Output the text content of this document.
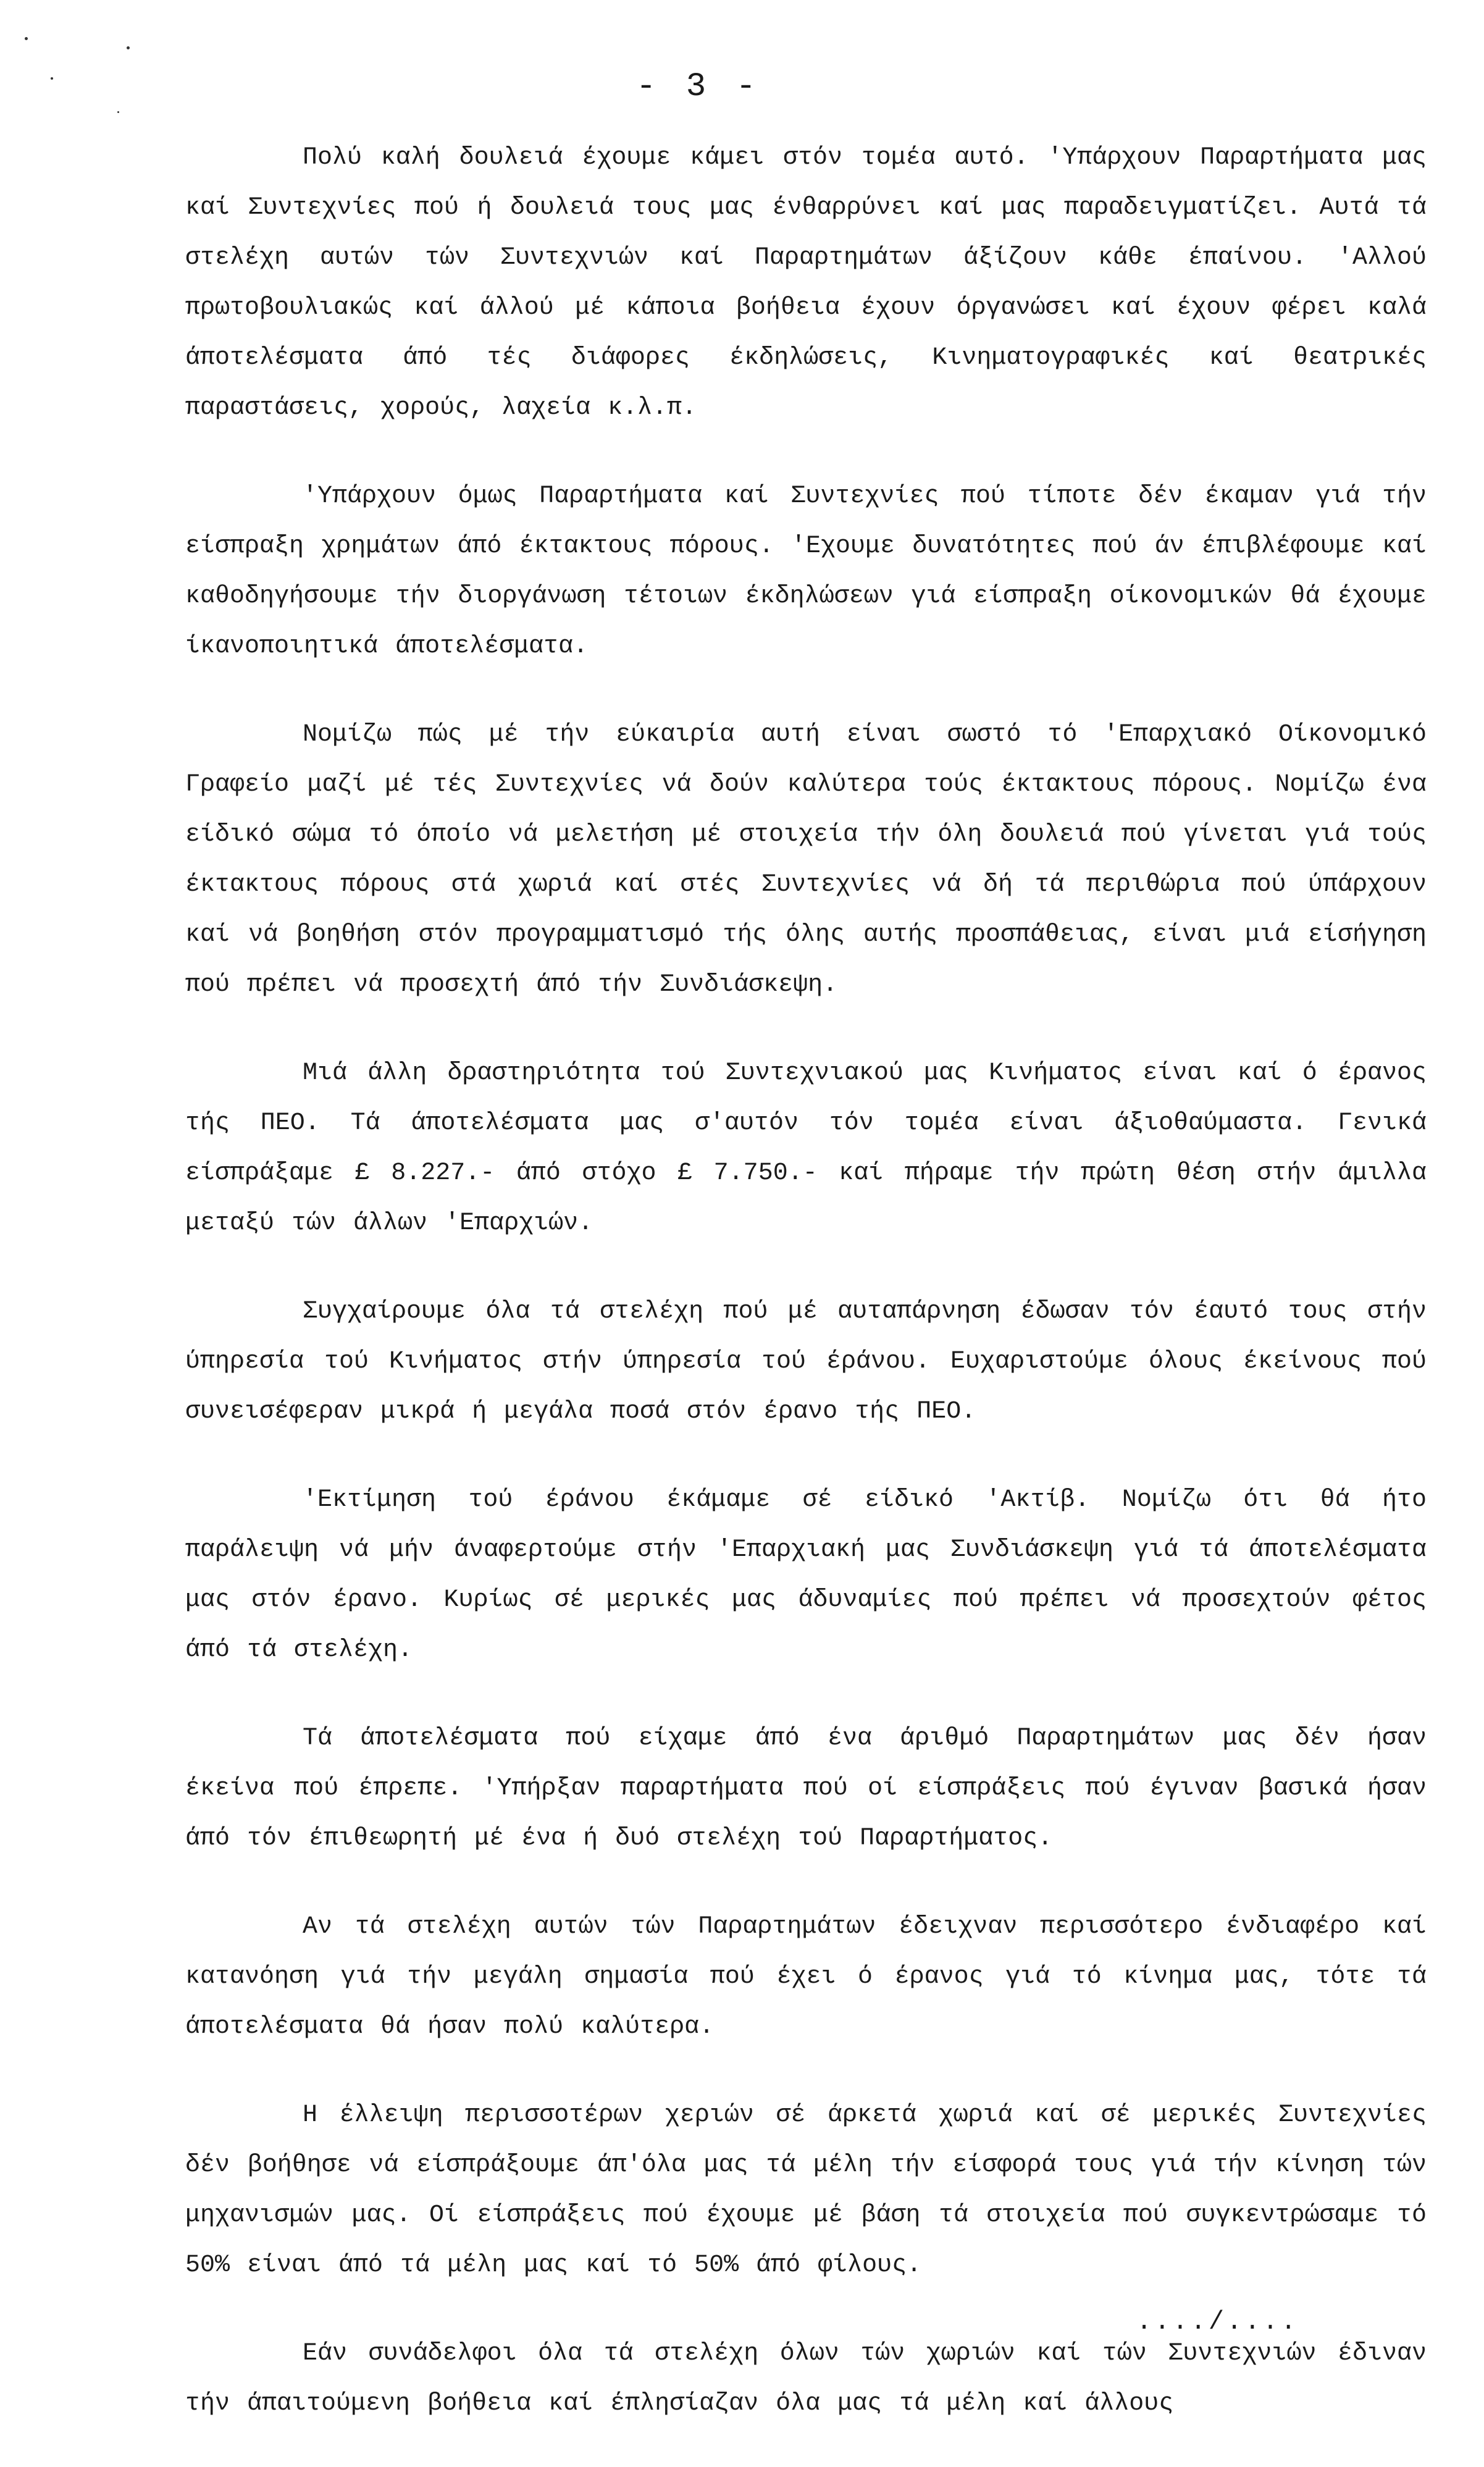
- 3 -

Πολύ καλή δουλειά έχουμε κάμει στόν τομέα αυτό. 'Υπάρχουν Παραρτήματα μας καί Συντεχνίες πού ή δουλειά τους μας ένθαρρύνει καί μας παραδειγματίζει. Αυτά τά στελέχη αυτών τών Συντεχνιών καί Παραρτημάτων άξίζουν κάθε έπαίνου. 'Αλλού πρωτοβουλιακώς καί άλλού μέ κάποια βοήθεια έχουν όργανώσει καί έχουν φέρει καλά άποτελέσματα άπό τές διάφορες έκδηλώσεις, Κινηματογραφικές καί θεατρικές παραστάσεις, χορούς, λαχεία κ.λ.π.

'Υπάρχουν όμως Παραρτήματα καί Συντεχνίες πού τίποτε δέν έκαμαν γιά τήν είσπραξη χρημάτων άπό έκτακτους πόρους. 'Εχουμε δυνατότητες πού άν έπιβλέφουμε καί καθοδηγήσουμε τήν διοργάνωση τέτοιων έκδηλώσεων γιά είσπραξη οίκονομικών θά έχουμε ίκανοποιητικά άποτελέσματα.

Νομίζω πώς μέ τήν εύκαιρία αυτή είναι σωστό τό 'Επαρχιακό Οίκονομικό Γραφείο μαζί μέ τές Συντεχνίες νά δούν καλύτερα τούς έκτακτους πόρους. Νομίζω ένα είδικό σώμα τό όποίο νά μελετήση μέ στοιχεία τήν όλη δουλειά πού γίνεται γιά τούς έκτακτους πόρους στά χωριά καί στές Συντεχνίες νά δή τά περιθώρια πού ύπάρχουν καί νά βοηθήση στόν προγραμματισμό τής όλης αυτής προσπάθειας, είναι μιά είσήγηση πού πρέπει νά προσεχτή άπό τήν Συνδιάσκεψη.

Μιά άλλη δραστηριότητα τού Συντεχνιακού μας Κινήματος είναι καί ό έρανος τής ΠΕΟ. Τά άποτελέσματα μας σ'αυτόν τόν τομέα είναι άξιοθαύμαστα. Γενικά είσπράξαμε £ 8.227.- άπό στόχο £ 7.750.- καί πήραμε τήν πρώτη θέση στήν άμιλλα μεταξύ τών άλλων 'Επαρχιών.

Συγχαίρουμε όλα τά στελέχη πού μέ αυταπάρνηση έδωσαν τόν έαυτό τους στήν ύπηρεσία τού Κινήματος στήν ύπηρεσία τού έράνου. Ευχαριστούμε όλους έκείνους πού συνεισέφεραν μικρά ή μεγάλα ποσά στόν έρανο τής ΠΕΟ.

'Εκτίμηση τού έράνου έκάμαμε σέ είδικό 'Ακτίβ. Νομίζω ότι θά ήτο παράλειψη νά μήν άναφερτούμε στήν 'Επαρχιακή μας Συνδιάσκεψη γιά τά άποτελέσματα μας στόν έρανο. Κυρίως σέ μερικές μας άδυναμίες πού πρέπει νά προσεχτούν φέτος άπό τά στελέχη.

Τά άποτελέσματα πού είχαμε άπό ένα άριθμό Παραρτημάτων μας δέν ήσαν έκείνα πού έπρεπε. 'Υπήρξαν παραρτήματα πού οί είσπράξεις πού έγιναν βασικά ήσαν άπό τόν έπιθεωρητή μέ ένα ή δυό στελέχη τού Παραρτήματος.

Αν τά στελέχη αυτών τών Παραρτημάτων έδειχναν περισσότερο ένδιαφέρο καί κατανόηση γιά τήν μεγάλη σημασία πού έχει ό έρανος γιά τό κίνημα μας, τότε τά άποτελέσματα θά ήσαν πολύ καλύτερα.

Η έλλειψη περισσοτέρων χεριών σέ άρκετά χωριά καί σέ μερικές Συντεχνίες δέν βοήθησε νά είσπράξουμε άπ'όλα μας τά μέλη τήν είσφορά τους γιά τήν κίνηση τών μηχανισμών μας. Οί είσπράξεις πού έχουμε μέ βάση τά στοιχεία πού συγκεντρώσαμε τό 50% είναι άπό τά μέλη μας καί τό 50% άπό φίλους.

Εάν συνάδελφοι όλα τά στελέχη όλων τών χωριών καί τών Συντεχνιών έδιναν τήν άπαιτούμενη βοήθεια καί έπλησίαζαν όλα μας τά μέλη καί άλλους

..../....
